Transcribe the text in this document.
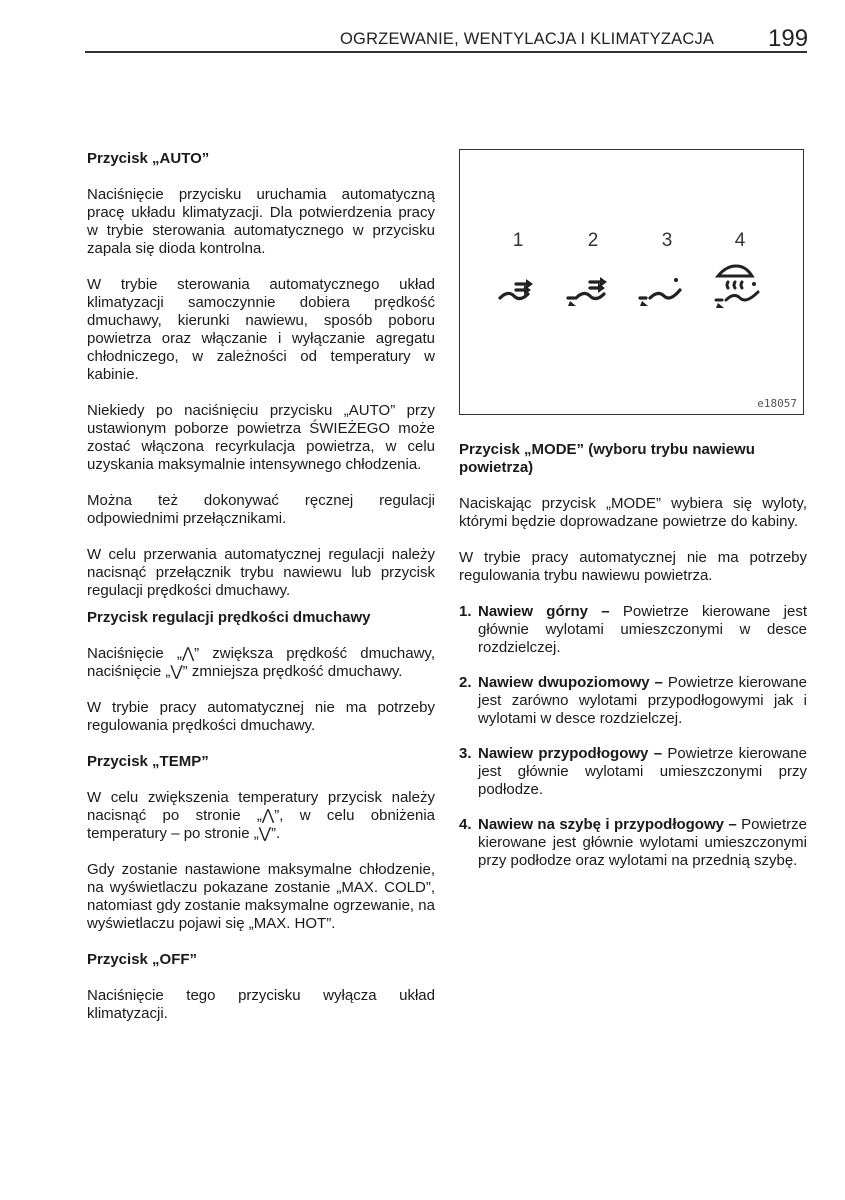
OGRZEWANIE, WENTYLACJA I KLIMATYZACJA 199
Przycisk „AUTO”

Naciśnięcie przycisku uruchamia automatyczną pracę układu klimatyzacji. Dla potwierdzenia pracy w trybie sterowania automatycznego w przycisku zapala się dioda kontrolna.

W trybie sterowania automatycznego układ klimatyzacji samoczynnie dobiera prędkość dmuchawy, kierunki nawiewu, sposób poboru powietrza oraz włączanie i wyłączanie agregatu chłodniczego, w zależności od temperatury w kabinie.

Niekiedy po naciśnięciu przycisku „AUTO” przy ustawionym poborze powietrza ŚWIEŻEGO może zostać włączona recyrkulacja powietrza, w celu uzyskania maksymalnie intensywnego chłodzenia.

Można też dokonywać ręcznej regulacji odpowiednimi przełącznikami.

W celu przerwania automatycznej regulacji należy nacisnąć przełącznik trybu nawiewu lub przycisk regulacji prędkości dmuchawy.

Przycisk regulacji prędkości dmuchawy

Naciśnięcie „⋀” zwiększa prędkość dmuchawy, naciśnięcie „⋁” zmniejsza prędkość dmuchawy.

W trybie pracy automatycznej nie ma potrzeby regulowania prędkości dmuchawy.

Przycisk „TEMP”

W celu zwiększenia temperatury przycisk należy nacisnąć po stronie „⋀”, w celu obniżenia temperatury – po stronie „⋁”.

Gdy zostanie nastawione maksymalne chłodzenie, na wyświetlaczu pokazane zostanie „MAX. COLD”, natomiast gdy zostanie maksymalne ogrzewanie, na wyświetlaczu pojawi się „MAX. HOT”.

Przycisk „OFF”

Naciśnięcie tego przycisku wyłącza układ klimatyzacji.

1	2	3	4
e18057
Przycisk „MODE” (wyboru trybu nawiewu powietrza)

Naciskając przycisk „MODE” wybiera się wyloty, którymi będzie doprowadzane powietrze do kabiny.

W trybie pracy automatycznej nie ma potrzeby regulowania trybu nawiewu powietrza.

1. Nawiew górny – Powietrze kierowane jest głównie wylotami umieszczonymi w desce rozdzielczej.
2. Nawiew dwupoziomowy – Powietrze kierowane jest zarówno wylotami przypodłogowymi jak i wylotami w desce rozdzielczej.
3. Nawiew przypodłogowy – Powietrze kierowane jest głównie wylotami umieszczonymi przy podłodze.
4. Nawiew na szybę i przypodłogowy – Powietrze kierowane jest głównie wylotami umieszczonymi przy podłodze oraz wylotami na przednią szybę.
